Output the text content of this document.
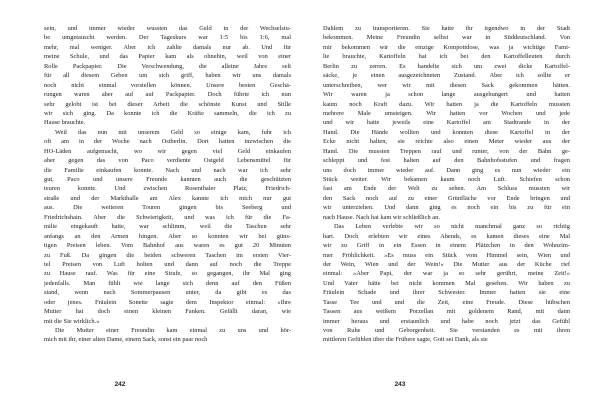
sein, und immer wieder wussten das Geld in der Wechselstu-
be umgetauscht werden. Der Tageskurs war 1:5 bis 1:6, mal
mehr, mal weniger. Aber ich zahlte damals nur ab. Und für
meine Schule, und das Papier kam als ohnehin, weil von einer
Rolle Packpapier. Die Verschwendung, die alleine Jahre selt
für all diesem Geben um sich griff, haben wir uns damals
noch nicht einmal vorstellen können. Unsere besten Geschä-
rungen waren aber auf auf Packpapier. Doch führte ich nun
sehr gelobt ist bei dieser Arbeit die schönste Kunst und Stille
wir sich ging. Da konnte ich die Kräfte sammeln, die ich zu
Hause brauchte.
Weil das nun mit unserem Geld so einige kam, fuhr ich
oft am in der Woche nach Ostberlin. Dort hatten inzwischen die
HO-Läden aufgemacht, wo wir gegen viel Geld einkaufen
aber gegen das von Paco verdiente Ostgeld Lebensmittel für
die Familie einkaufen konnte. Nach und nach war ich sehr
gut, Paco und unsere Freunde kannten auch die geschützten
teuren konnte. Und zwischen Rosenthaler Platz, Friedrich-
straße und der Markthalle am Alex kannte ich mich nur gut
aus. Die weiteren Touren gingen bis Seeberg und
Friedrichshain. Aber die Schwierigkeit, und was ich für die Fa-
milie eingekauft hatte, war schlimm, weil die Taschen sehr
anfangs an den Armen hingen. Aber so konnten wir bei güns-
tigen Preisen leben. Vom Bahnhof aus waren es gut 20 Minuten
zu Fuß. Da gingen die beiden schweren Taschen im ersten Vier-
tel Preisen von Luft holten und dann auf noch die Treppe
zu Hause rauf. Was für eine Strafe, so gegangen, ihr Mal ging
jedenfalls. Man fühlt wie lange sich denn auf den Füßen
stand, wenn nach Sommerpausen unter, da gibt es das
oder jenes. Fräulein Sonette sagte dem Inspektor einmal: »Ihre
Mutter hat doch einen kleinen Fanken. Gefällt daran, wie
mit die Sie wirklich.«
Die Mutter einer Freundin kam einmal zu uns und hör-
mich mit ihr, einer alten Dame, einem Sack, sonst ein paar noch
242
Dahlem zu transportieren. Sie hatte ihr irgendwo in der Stadt
bekommen. Meine Freundin selbst war in Süddeutschland. Von
mir bekommen wir die einzige Kompottdose, was ja wichtige Fami-
lie brauchte, Kartoffeln hat ich bei den Kartoffelleuten durch
Berlin zu zerren. Es handelte sich um zwei dicke Kartoffel-
säcke, je einen ausgezeichneten Zustand. Aber ich sollte er
unterschreiben, wer wir mit diesen Sack gekommen hätten.
Wir waren ja schon lange ausgehungert und hatten
kaum noch Kraft dazu. Wir hatten ja die Kartoffeln mussten
mehrere Male umsteigen. Wir hatten vor Wochen und jede
und wir hatte jeweils eine Kartoffel am Stadtrande in der
Hand. Die Hände wollten und konnten diese Kartoffel in der
Ecke nicht halten, sie reichte also einen Meter wieder aus der
Hand. Die mussten Treppen rauf und runter, von der Bahn ge-
schleppt und fest halten auf den Bahnhofsstufen und fragen
uns doch immer wieder auf. Dann ging es nun wieder ein
Stück weiter. Wir bekamen kaum noch Luft. Schiefen schon
fast am Ende der Welt zu sehen. Am Schluss mussten wir
den Sack noch auf zu einer Grünfläche vor Ende bringen und
wir unterziehen. Und dann ging es noch ein bis zu für ein
nach Hause. Nach hat kam wir schließlich an.
Das Leben verlebte wir so nicht manchmal ganz so richtig
hart. Doch erlebten wir eines Abends, es kamen dieses eine Mal
wir zu Griff in ein Essen in einem Plätzchen in den Wohnzim-
mer Fröhlichkeit. »Es muss ein Stück vom Himmel sein, Wien und
der Wein, Wien und der Wein!« Die Mutter aus der Küche rief
einmal: »Aber Papi, der war ja so sehr gerührt, meine Zeit!«
Und Vater hätte bei nicht kommen Mal gesehen. Wir haben zu
Fräulein Schade und ihrer Schwester. Immer hatten sie eine
Tasse Tee und und die Zeit, eine Freude. Diese hübschen
Tassen aus weißem Porzellan mit goldenem Rand, mit dann
immer heraus und erstaunlich und habe noch jetzt das Gefühl
von Ruhe und Geborgenheit. Sie verstanden es mit ihren
mittleren Gefühlen über die Frühere sagte, Gott sei Dank, als sie
243
